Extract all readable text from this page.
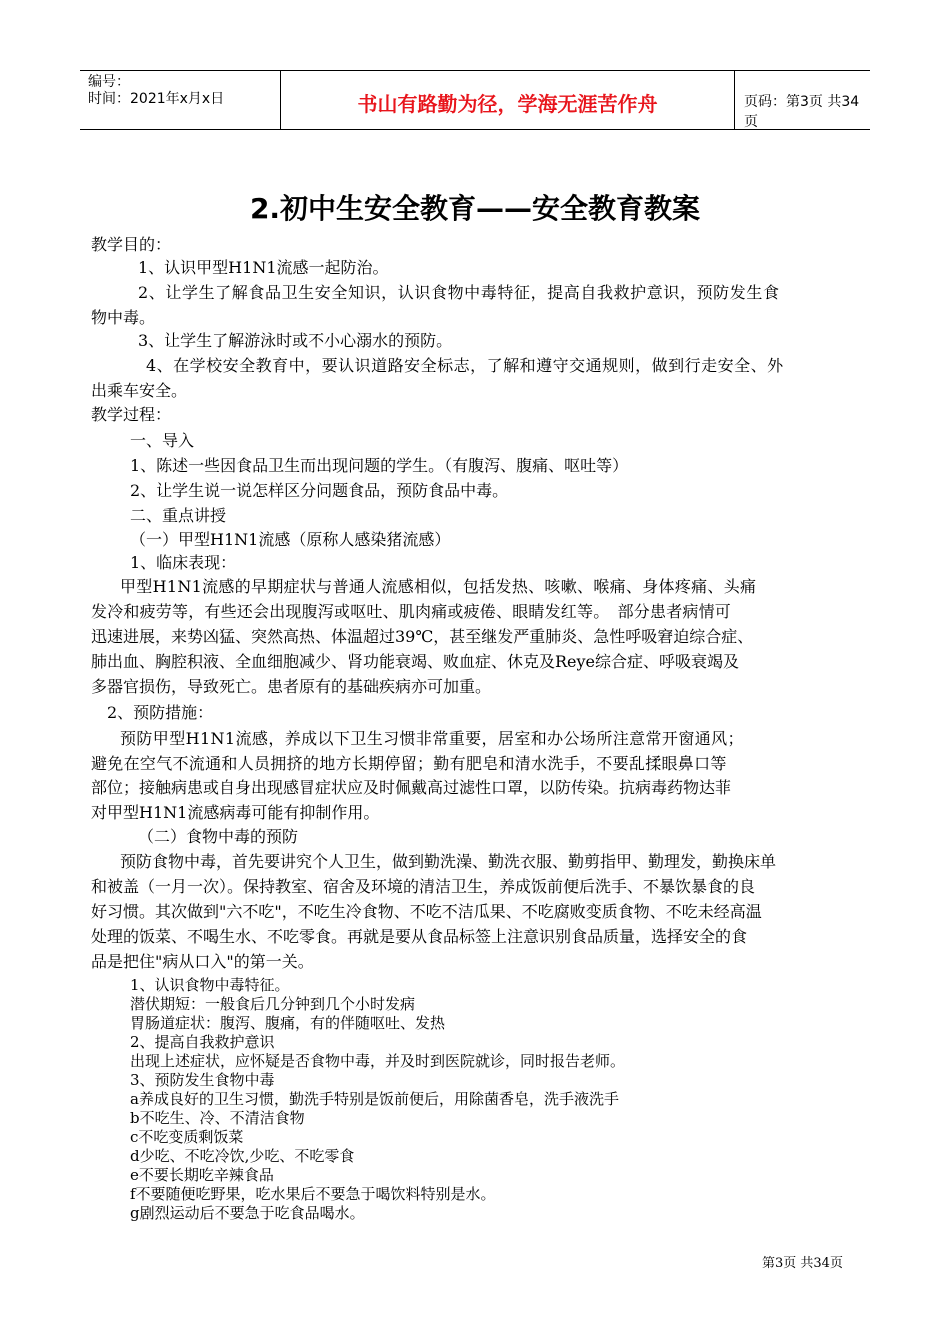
编号：
时间：2021年x月x日	书山有路勤为径，学海无涯苦作舟	页码：第3页 共34页
2.初中生安全教育——安全教育教案
教学目的：
1、认识甲型H1N1流感一起防治。
2、让学生了解食品卫生安全知识，认识食物中毒特征，提高自我救护意识，预防发生食
物中毒。
3、让学生了解游泳时或不小心溺水的预防。
4、在学校安全教育中，要认识道路安全标志，了解和遵守交通规则，做到行走安全、外
出乘车安全。
教学过程：
一、导入
1、陈述一些因食品卫生而出现问题的学生。（有腹泻、腹痛、呕吐等）
2、让学生说一说怎样区分问题食品，预防食品中毒。
二、重点讲授
（一）甲型H1N1流感（原称人感染猪流感）
1、临床表现：
甲型H1N1流感的早期症状与普通人流感相似，包括发热、咳嗽、喉痛、身体疼痛、头痛
发冷和疲劳等，有些还会出现腹泻或呕吐、肌肉痛或疲倦、眼睛发红等。　部分患者病情可
迅速进展，来势凶猛、突然高热、体温超过39℃，甚至继发严重肺炎、急性呼吸窘迫综合症、
肺出血、胸腔积液、全血细胞减少、肾功能衰竭、败血症、休克及Reye综合症、呼吸衰竭及
多器官损伤，导致死亡。患者原有的基础疾病亦可加重。
2、预防措施：
预防甲型H1N1流感，养成以下卫生习惯非常重要，居室和办公场所注意常开窗通风；
避免在空气不流通和人员拥挤的地方长期停留；勤有肥皂和清水洗手，不要乱揉眼鼻口等
部位；接触病患或自身出现感冒症状应及时佩戴高过滤性口罩，以防传染。抗病毒药物达菲
对甲型H1N1流感病毒可能有抑制作用。
（二）食物中毒的预防
预防食物中毒，首先要讲究个人卫生，做到勤洗澡、勤洗衣服、勤剪指甲、勤理发，勤换床单
和被盖（一月一次）。保持教室、宿舍及环境的清洁卫生，养成饭前便后洗手、不暴饮暴食的良
好习惯。其次做到"六不吃"，不吃生冷食物、不吃不洁瓜果、不吃腐败变质食物、不吃未经高温
处理的饭菜、不喝生水、不吃零食。再就是要从食品标签上注意识别食品质量，选择安全的食
品是把住"病从口入"的第一关。
1、认识食物中毒特征。
潜伏期短：一般食后几分钟到几个小时发病
胃肠道症状：腹泻、腹痛，有的伴随呕吐、发热
2、提高自我救护意识
出现上述症状，应怀疑是否食物中毒，并及时到医院就诊，同时报告老师。
3、预防发生食物中毒
a养成良好的卫生习惯，勤洗手特别是饭前便后，用除菌香皂，洗手液洗手
b不吃生、冷、不清洁食物
c不吃变质剩饭菜
d少吃、不吃冷饮,少吃、不吃零食
e不要长期吃辛辣食品
f不要随便吃野果，吃水果后不要急于喝饮料特别是水。
g剧烈运动后不要急于吃食品喝水。
第3页 共34页
